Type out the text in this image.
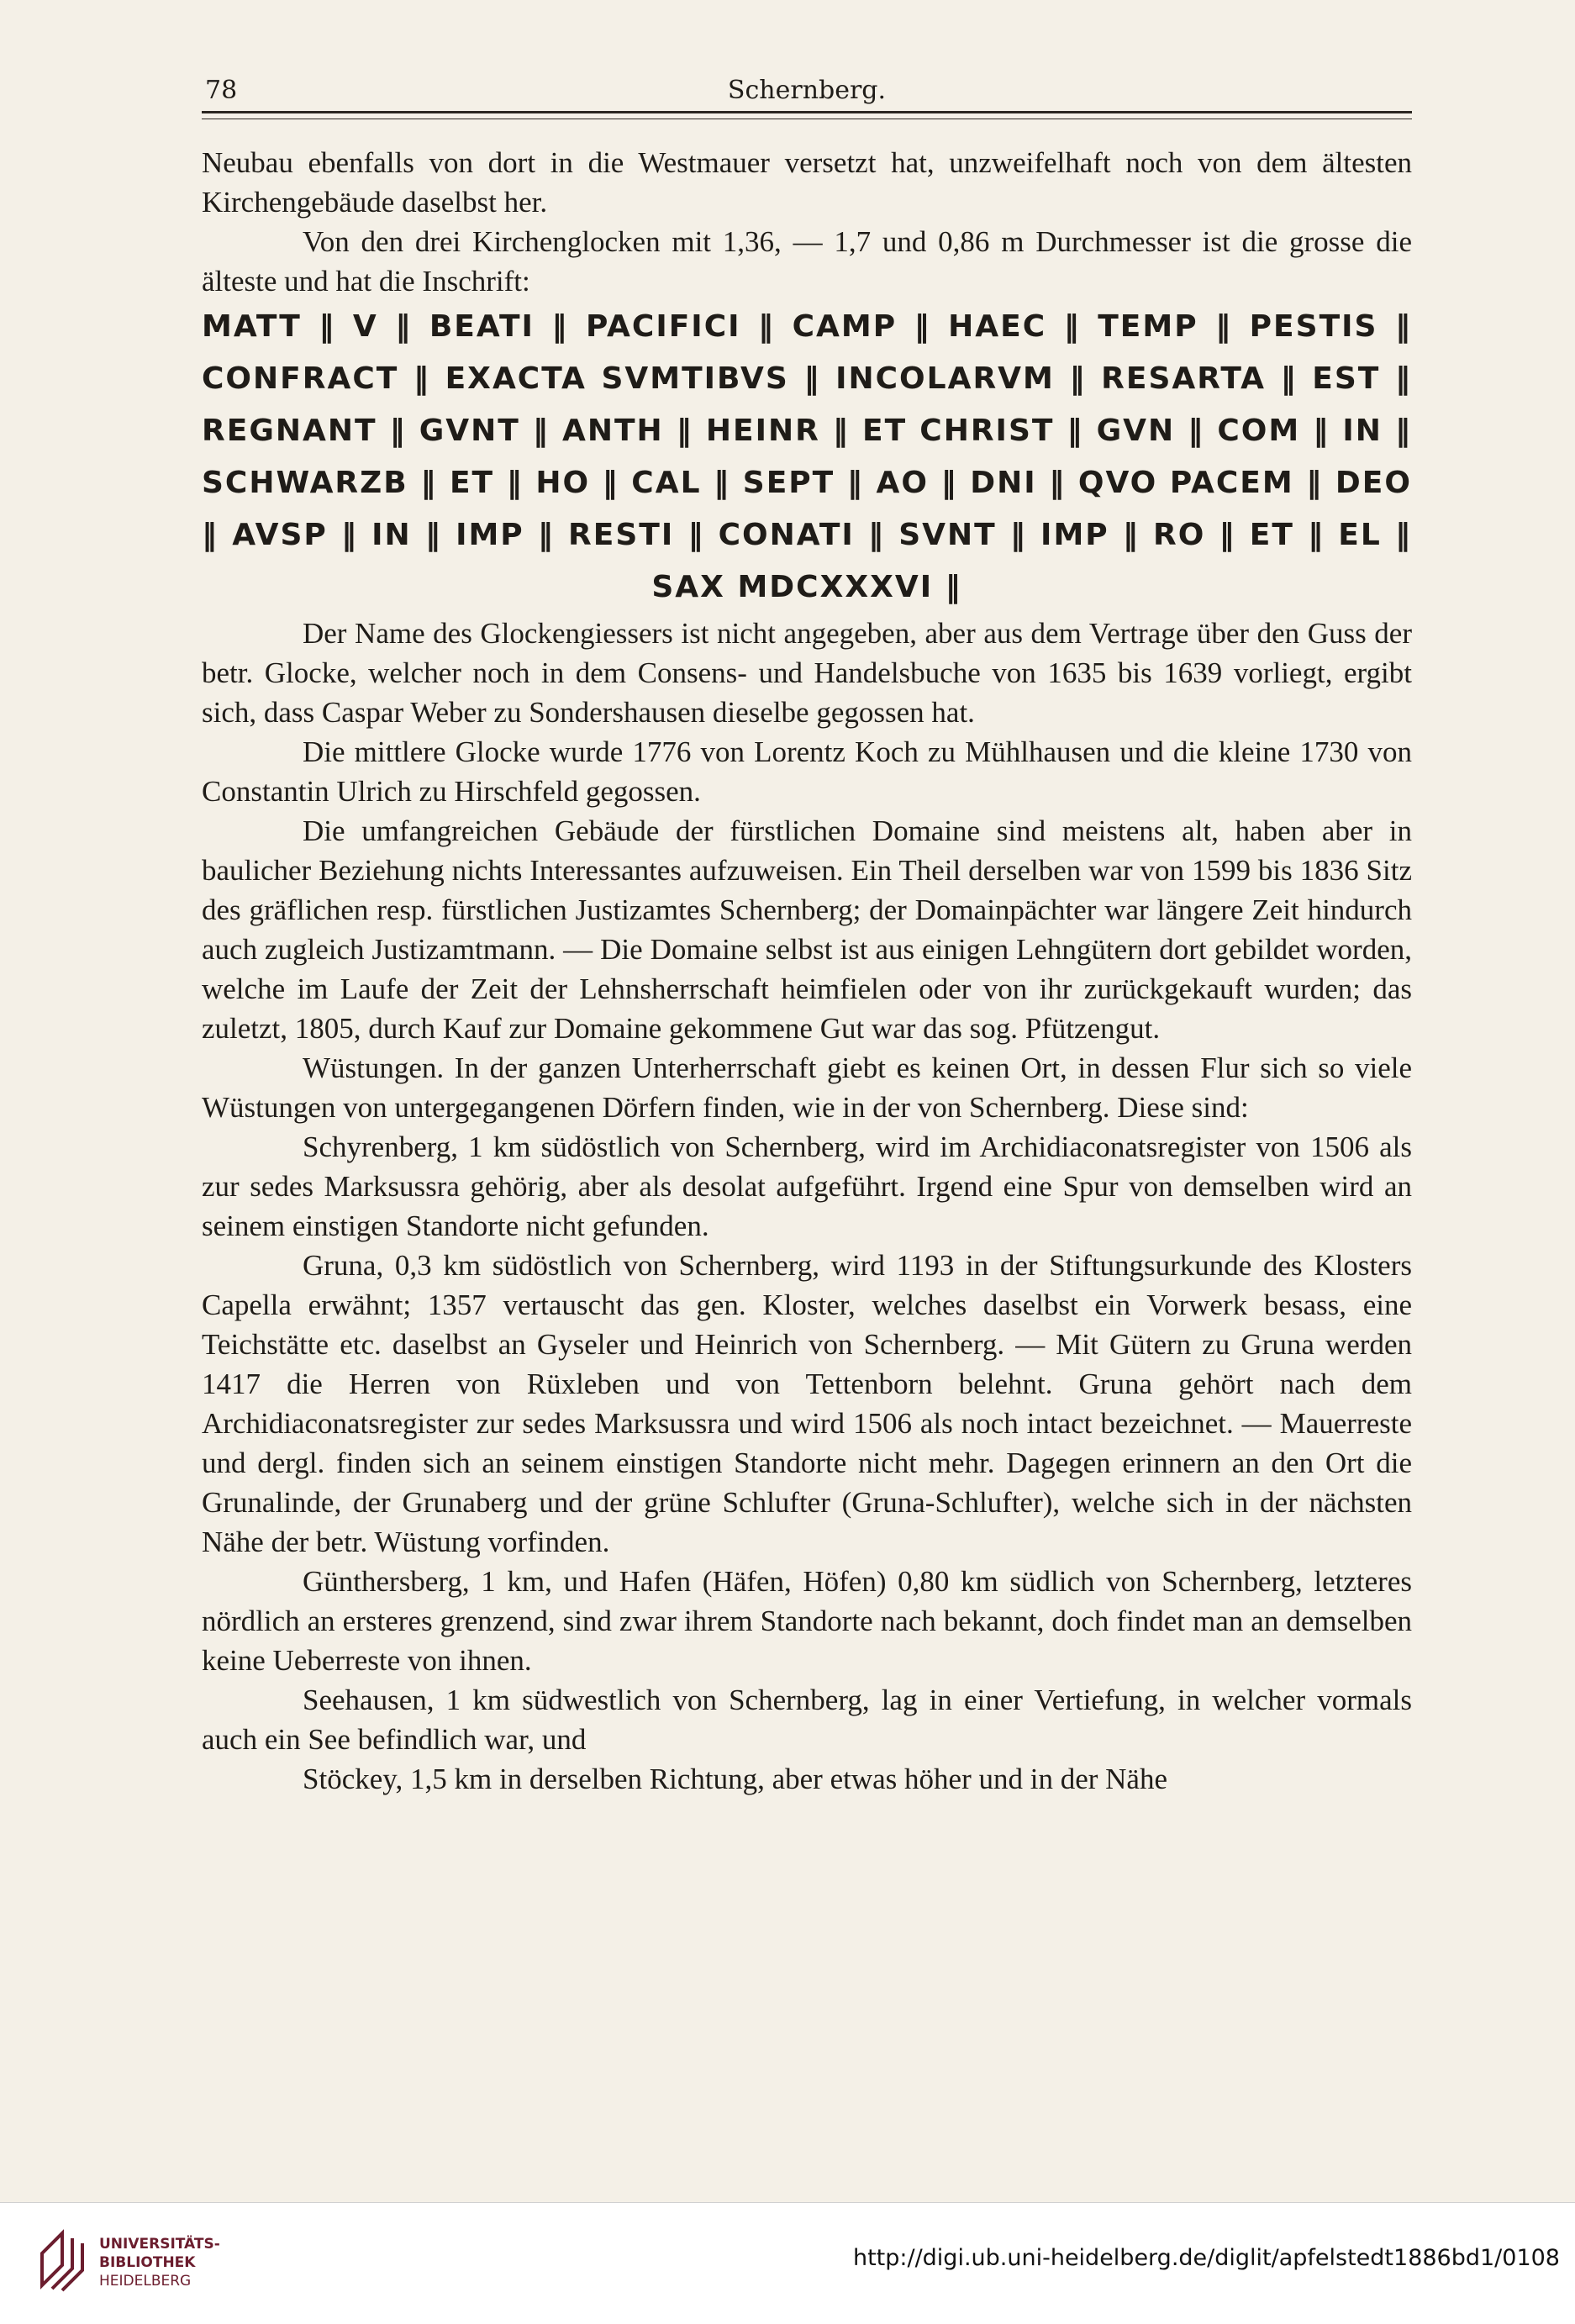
78	Schernberg.

Neubau ebenfalls von dort in die Westmauer versetzt hat, unzweifelhaft noch von dem ältesten Kirchengebäude daselbst her.

Von den drei Kirchenglocken mit 1,36, — 1,7 und 0,86 m Durchmesser ist die grosse die älteste und hat die Inschrift:

MATT ‖ V ‖ BEATI ‖ PACIFICI ‖ CAMP ‖ HAEC ‖ TEMP ‖ PESTIS ‖ CONFRACT ‖ EXACTA SVMTIBVS ‖ INCOLARVM ‖ RESARTA ‖ EST ‖ REGNANT ‖ GVNT ‖ ANTH ‖ HEINR ‖ ET CHRIST ‖ GVN ‖ COM ‖ IN ‖ SCHWARZB ‖ ET ‖ HO ‖ CAL ‖ SEPT ‖ AO ‖ DNI ‖ QVO PACEM ‖ DEO ‖ AVSP ‖ IN ‖ IMP ‖ RESTI ‖ CONATI ‖ SVNT ‖ IMP ‖ RO ‖ ET ‖ EL ‖ SAX MDCXXXVI ‖

Der Name des Glockengiessers ist nicht angegeben, aber aus dem Vertrage über den Guss der betr. Glocke, welcher noch in dem Consens- und Handelsbuche von 1635 bis 1639 vorliegt, ergibt sich, dass Caspar Weber zu Sondershausen dieselbe gegossen hat.

Die mittlere Glocke wurde 1776 von Lorentz Koch zu Mühlhausen und die kleine 1730 von Constantin Ulrich zu Hirschfeld gegossen.

Die umfangreichen Gebäude der fürstlichen Domaine sind meistens alt, haben aber in baulicher Beziehung nichts Interessantes aufzuweisen. Ein Theil derselben war von 1599 bis 1836 Sitz des gräflichen resp. fürstlichen Justizamtes Schernberg; der Domainpächter war längere Zeit hindurch auch zugleich Justizamtmann. — Die Domaine selbst ist aus einigen Lehngütern dort gebildet worden, welche im Laufe der Zeit der Lehnsherrschaft heimfielen oder von ihr zurückgekauft wurden; das zuletzt, 1805, durch Kauf zur Domaine gekommene Gut war das sog. Pfützengut.

Wüstungen. In der ganzen Unterherrschaft giebt es keinen Ort, in dessen Flur sich so viele Wüstungen von untergegangenen Dörfern finden, wie in der von Schernberg. Diese sind:

Schyrenberg, 1 km südöstlich von Schernberg, wird im Archidiaconatsregister von 1506 als zur sedes Marksussra gehörig, aber als desolat aufgeführt. Irgend eine Spur von demselben wird an seinem einstigen Standorte nicht gefunden.

Gruna, 0,3 km südöstlich von Schernberg, wird 1193 in der Stiftungsurkunde des Klosters Capella erwähnt; 1357 vertauscht das gen. Kloster, welches daselbst ein Vorwerk besass, eine Teichstätte etc. daselbst an Gyseler und Heinrich von Schernberg. — Mit Gütern zu Gruna werden 1417 die Herren von Rüxleben und von Tettenborn belehnt. Gruna gehört nach dem Archidiaconatsregister zur sedes Marksussra und wird 1506 als noch intact bezeichnet. — Mauerreste und dergl. finden sich an seinem einstigen Standorte nicht mehr. Dagegen erinnern an den Ort die Grunalinde, der Grunaberg und der grüne Schlufter (Gruna-Schlufter), welche sich in der nächsten Nähe der betr. Wüstung vorfinden.

Günthersberg, 1 km, und Hafen (Häfen, Höfen) 0,80 km südlich von Schernberg, letzteres nördlich an ersteres grenzend, sind zwar ihrem Standorte nach bekannt, doch findet man an demselben keine Ueberreste von ihnen.

Seehausen, 1 km südwestlich von Schernberg, lag in einer Vertiefung, in welcher vormals auch ein See befindlich war, und

Stöckey, 1,5 km in derselben Richtung, aber etwas höher und in der Nähe

UNIVERSITÄTS-
BIBLIOTHEK
HEIDELBERG
http://digi.ub.uni-heidelberg.de/diglit/apfelstedt1886bd1/0108
